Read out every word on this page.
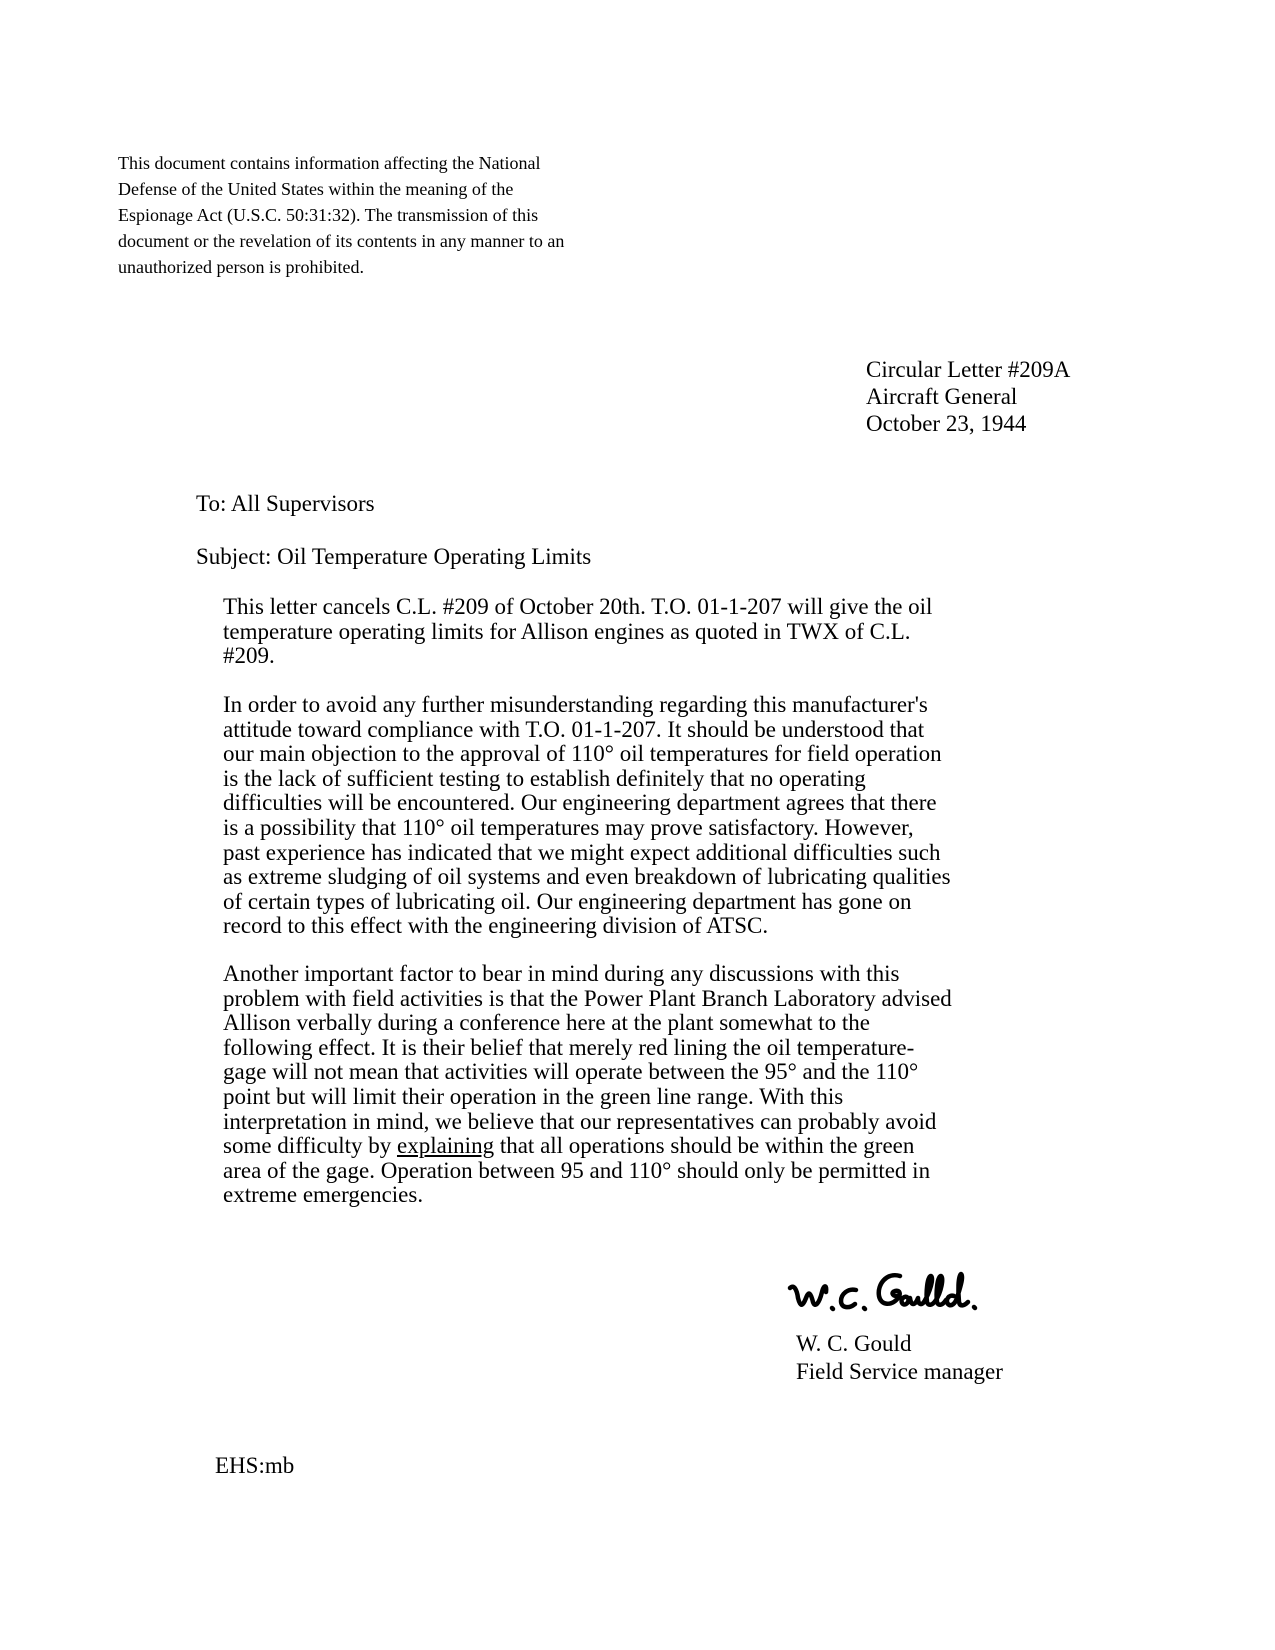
This document contains information affecting the National
Defense of the United States within the meaning of the
Espionage Act (U.S.C. 50:31:32). The transmission of this
document or the revelation of its contents in any manner to an
unauthorized person is prohibited.

Circular Letter #209A
Aircraft General
October 23, 1944
To: All Supervisors
Subject: Oil Temperature Operating Limits

This letter cancels C.L. #209 of October 20th. T.O. 01-1-207 will give the oil
temperature operating limits for Allison engines as quoted in TWX of C.L.
#209.

In order to avoid any further misunderstanding regarding this manufacturer's
attitude toward compliance with T.O. 01-1-207. It should be understood that
our main objection to the approval of 110° oil temperatures for field operation
is the lack of sufficient testing to establish definitely that no operating
difficulties will be encountered. Our engineering department agrees that there
is a possibility that 110° oil temperatures may prove satisfactory. However,
past experience has indicated that we might expect additional difficulties such
as extreme sludging of oil systems and even breakdown of lubricating qualities
of certain types of lubricating oil. Our engineering department has gone on
record to this effect with the engineering division of ATSC.

Another important factor to bear in mind during any discussions with this
problem with field activities is that the Power Plant Branch Laboratory advised
Allison verbally during a conference here at the plant somewhat to the
following effect. It is their belief that merely red lining the oil temperature-
gage will not mean that activities will operate between the 95° and the 110°
point but will limit their operation in the green line range. With this
interpretation in mind, we believe that our representatives can probably avoid
some difficulty by explaining that all operations should be within the green
area of the gage. Operation between 95 and 110° should only be permitted in
extreme emergencies.

W. C. Gould
Field Service manager
EHS:mb
